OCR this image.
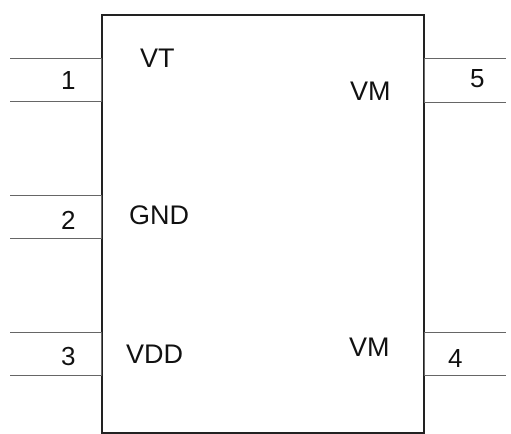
1
2
3
5
4
VT
GND
VDD
VM
VM
